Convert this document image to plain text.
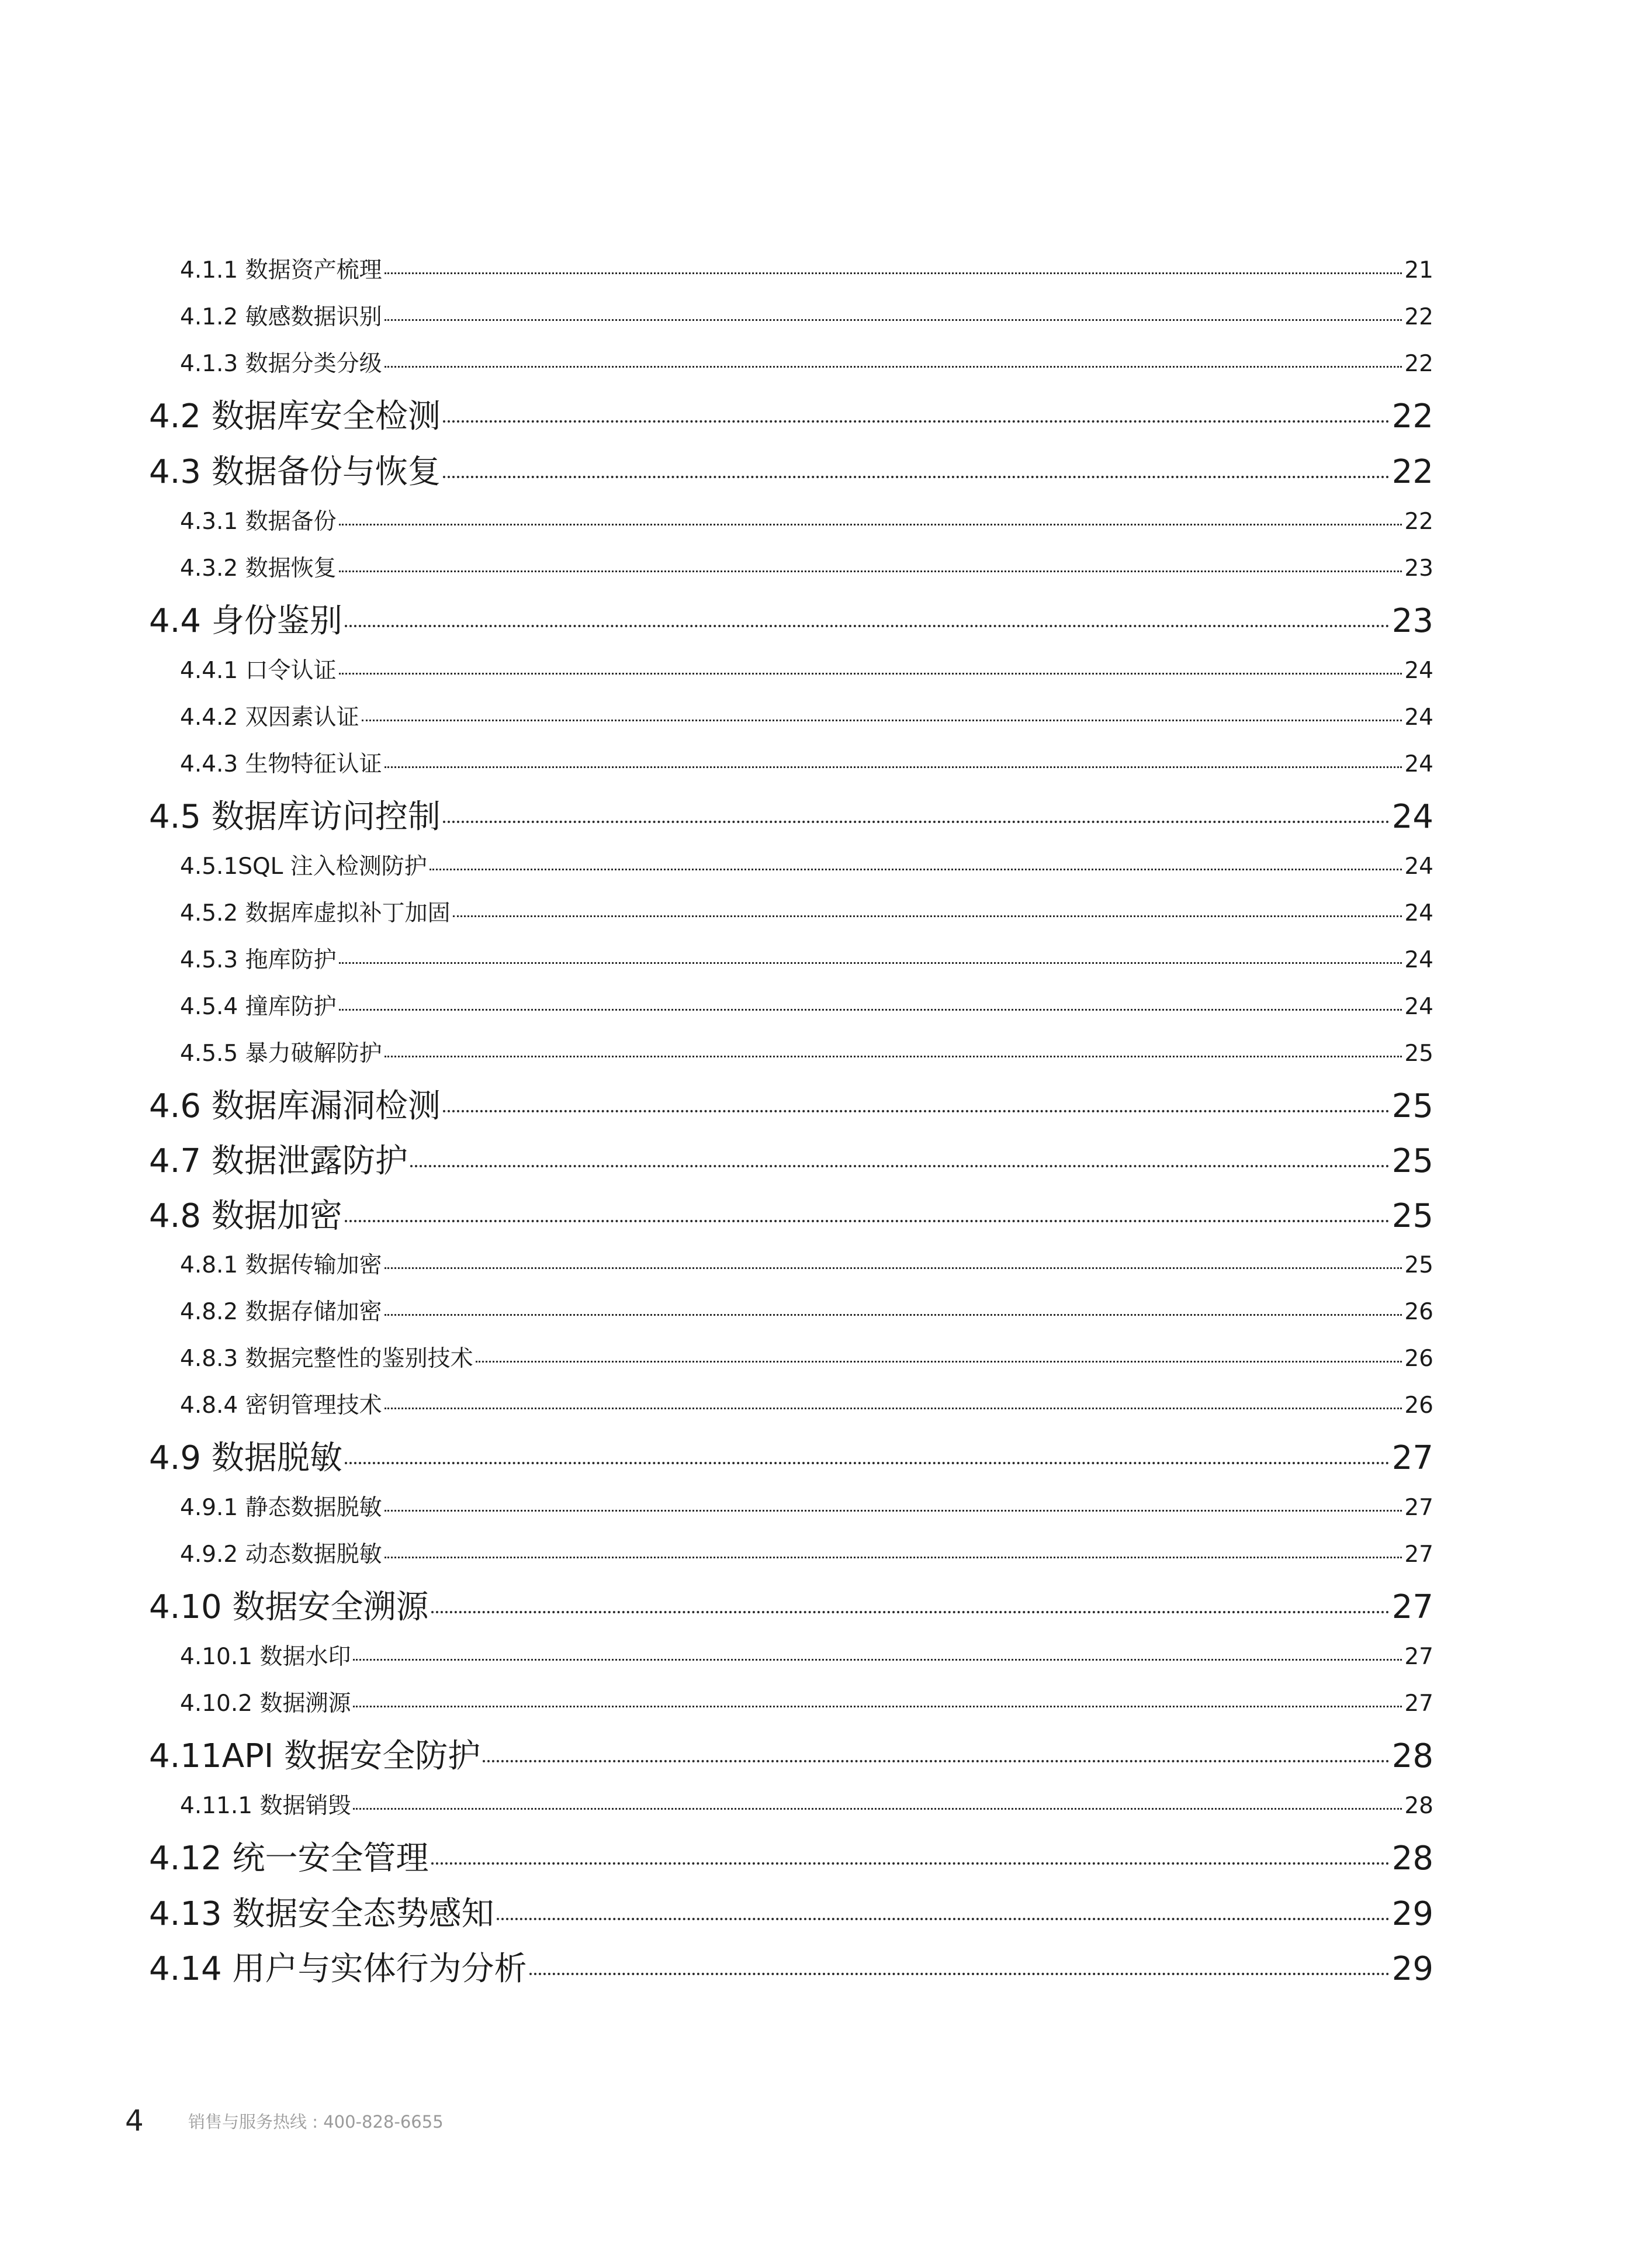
4.1.1 数据资产梳理	21
4.1.2 敏感数据识别	22
4.1.3 数据分类分级	22
4.2 数据库安全检测	22
4.3 数据备份与恢复	22
4.3.1 数据备份	22
4.3.2 数据恢复	23
4.4 身份鉴别	23
4.4.1 口令认证	24
4.4.2 双因素认证	24
4.4.3 生物特征认证	24
4.5 数据库访问控制	24
4.5.1SQL 注入检测防护	24
4.5.2 数据库虚拟补丁加固	24
4.5.3 拖库防护	24
4.5.4 撞库防护	24
4.5.5 暴力破解防护	25
4.6 数据库漏洞检测	25
4.7 数据泄露防护	25
4.8 数据加密	25
4.8.1 数据传输加密	25
4.8.2 数据存储加密	26
4.8.3 数据完整性的鉴别技术	26
4.8.4 密钥管理技术	26
4.9 数据脱敏	27
4.9.1 静态数据脱敏	27
4.9.2 动态数据脱敏	27
4.10 数据安全溯源	27
4.10.1 数据水印	27
4.10.2 数据溯源	27
4.11API 数据安全防护	28
4.11.1 数据销毁	28
4.12 统一安全管理	28
4.13 数据安全态势感知	29
4.14 用户与实体行为分析	29
4	销售与服务热线 : 400-828-6655
